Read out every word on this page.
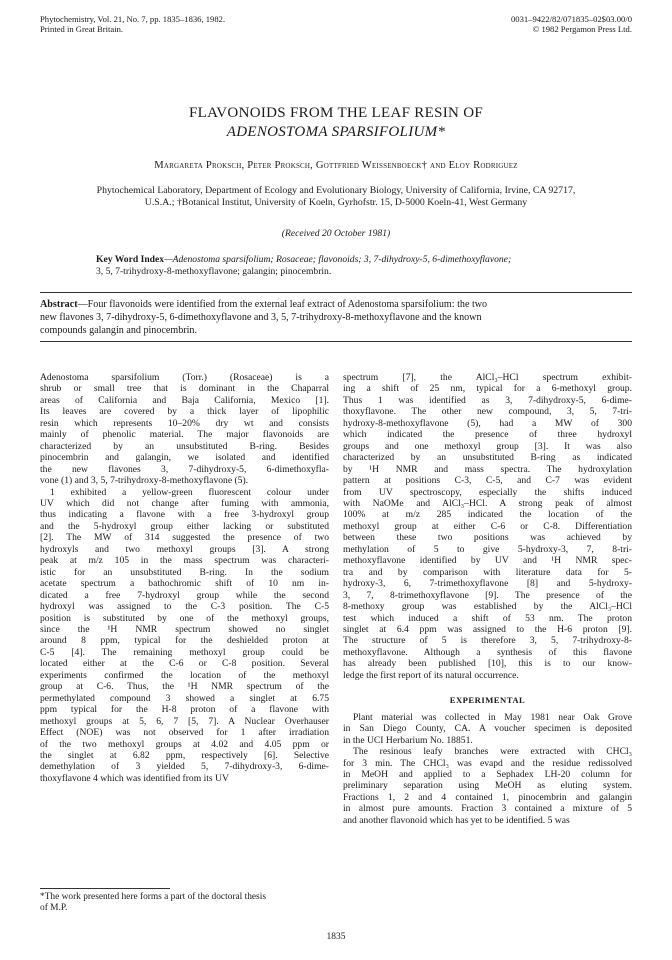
Phytochemistry, Vol. 21, No. 7, pp. 1835–1836, 1982.
Printed in Great Britain.
0031–9422/82/071835–02$03.00/0
© 1982 Pergamon Press Ltd.
FLAVONOIDS FROM THE LEAF RESIN OF
ADENOSTOMA SPARSIFOLIUM*
Margareta Proksch, Peter Proksch, Gottfried Weissenboeck† and Eloy Rodriguez
Phytochemical Laboratory, Department of Ecology and Evolutionary Biology, University of California, Irvine, CA 92717,
U.S.A.; †Botanical Institut, University of Koeln, Gyrhofstr. 15, D-5000 Koeln-41, West Germany
(Received 20 October 1981)
Key Word Index—Adenostoma sparsifolium; Rosaceae; flavonoids; 3, 7-dihydroxy-5, 6-dimethoxyflavone;
3, 5, 7-trihydroxy-8-methoxyflavone; galangin; pinocembrin.
Abstract—Four flavonoids were identified from the external leaf extract of Adenostoma sparsifolium: the two
new flavones 3, 7-dihydroxy-5, 6-dimethoxyflavone and 3, 5, 7-trihydroxy-8-methoxyflavone and the known
compounds galangin and pinocembrin.
Adenostoma sparsifolium (Torr.) (Rosaceae) is a
shrub or small tree that is dominant in the Chaparral
areas of California and Baja California, Mexico [1].
Its leaves are covered by a thick layer of lipophilic
resin which represents 10–20% dry wt and consists
mainly of phenolic material. The major flavonoids are
characterized by an unsubstituted B-ring. Besides
pinocembrin and galangin, we isolated and identified
the new flavones 3, 7-dihydroxy-5, 6-dimethoxyfla-
vone (1) and 3, 5, 7-trihydroxy-8-methoxyflavone (5).
1 exhibited a yellow-green fluorescent colour under
UV which did not change after fuming with ammonia,
thus indicating a flavone with a free 3-hydroxyl group
and the 5-hydroxyl group either lacking or substituted
[2]. The MW of 314 suggested the presence of two
hydroxyls and two methoxyl groups [3]. A strong
peak at m/z 105 in the mass spectrum was characteri-
istic for an unsubstituted B-ring. In the sodium
acetate spectrum a bathochromic shift of 10 nm in-
dicated a free 7-hydroxyl group while the second
hydroxyl was assigned to the C-3 position. The C-5
position is substituted by one of the methoxyl groups,
since the ¹H NMR spectrum showed no singlet
around 8 ppm, typical for the deshielded proton at
C-5 [4]. The remaining methoxyl group could be
located either at the C-6 or C-8 position. Several
experiments confirmed the location of the methoxyl
group at C-6. Thus, the ¹H NMR spectrum of the
permethylated compound 3 showed a singlet at 6.75
ppm typical for the H-8 proton of a flavone with
methoxyl groups at 5, 6, 7 [5, 7]. A Nuclear Overhauser
Effect (NOE) was not observed for 1 after irradiation
of the two methoxyl groups at 4.02 and 4.05 ppm or
the singlet at 6.82 ppm, respectively [6]. Selective
demethylation of 3 yielded 5, 7-dihydroxy-3, 6-dime-
thoxyflavone 4 which was identified from its UV
spectrum [7], the AlCl₃–HCl spectrum exhibit-
ing a shift of 25 nm, typical for a 6-methoxyl group.
Thus 1 was identified as 3, 7-dihydroxy-5, 6-dime-
thoxyflavone. The other new compound, 3, 5, 7-tri-
hydroxy-8-methoxyflavone (5), had a MW of 300
which indicated the presence of three hydroxyl
groups and one methoxyl group [3]. It was also
characterized by an unsubstituted B-ring as indicated
by ¹H NMR and mass spectra. The hydroxylation
pattern at positions C-3, C-5, and C-7 was evident
from UV spectroscopy, especially the shifts induced
with NaOMe and AlCl₃–HCl. A strong peak of almost
100% at m/z 285 indicated the location of the
methoxyl group at either C-6 or C-8. Differentiation
between these two positions was achieved by
methylation of 5 to give 5-hydroxy-3, 7, 8-tri-
methoxyflavone identified by UV and ¹H NMR spec-
tra and by comparison with literature data for 5-
hydroxy-3, 6, 7-trimethoxyflavone [8] and 5-hydroxy-
3, 7, 8-trimethoxyflavone [9]. The presence of the
8-methoxy group was established by the AlCl₃–HCl
test which induced a shift of 53 nm. The proton
singlet at 6.4 ppm was assigned to the H-6 proton [9].
The structure of 5 is therefore 3, 5, 7-trihydroxy-8-
methoxyflavone. Although a synthesis of this flavone
has already been published [10], this is to our know-
ledge the first report of its natural occurrence.
EXPERIMENTAL
Plant material was collected in May 1981 near Oak Grove
in San Diego County, CA. A voucher specimen is deposited
in the UCI Herbarium No. 18851.
The resinous leafy branches were extracted with CHCl₃
for 3 min. The CHCl₃ was evapd and the residue redissolved
in MeOH and applied to a Sephadex LH-20 column for
preliminary separation using MeOH as eluting system.
Fractions 1, 2 and 4 contained 1, pinocembrin and galangin
in almost pure amounts. Fraction 3 contained a mixture of 5
and another flavonoid which has yet to be identified. 5 was
*The work presented here forms a part of the doctoral thesis
of M.P.
1835
